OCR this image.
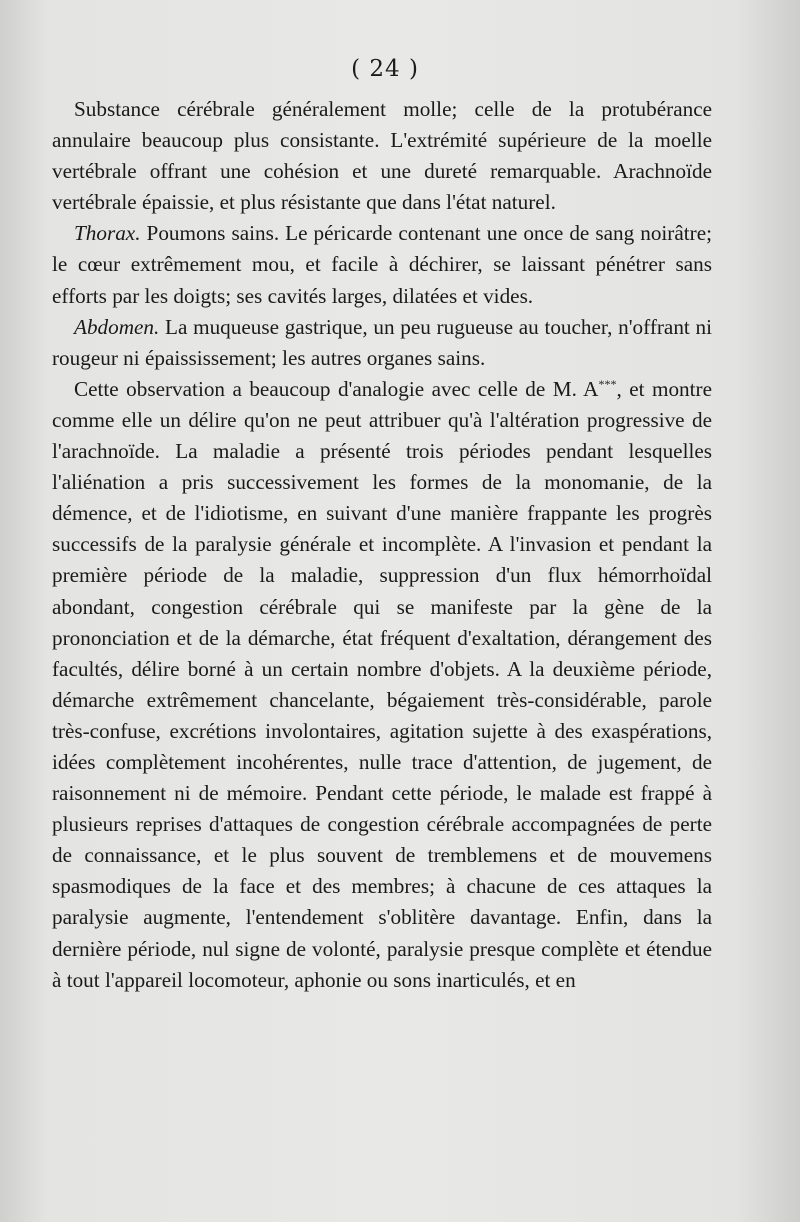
( 24 )

Substance cérébrale généralement molle; celle de la protubérance annulaire beaucoup plus consistante. L'extrémité supérieure de la moelle vertébrale offrant une cohésion et une dureté remarquable. Arachnoïde vertébrale épaissie, et plus résistante que dans l'état naturel.

Thorax. Poumons sains. Le péricarde contenant une once de sang noirâtre; le cœur extrêmement mou, et facile à déchirer, se laissant pénétrer sans efforts par les doigts; ses cavités larges, dilatées et vides.

Abdomen. La muqueuse gastrique, un peu rugueuse au toucher, n'offrant ni rougeur ni épaississement; les autres organes sains.

Cette observation a beaucoup d'analogie avec celle de M. A***, et montre comme elle un délire qu'on ne peut attribuer qu'à l'altération progressive de l'arachnoïde. La maladie a présenté trois périodes pendant lesquelles l'aliénation a pris successivement les formes de la monomanie, de la démence, et de l'idiotisme, en suivant d'une manière frappante les progrès successifs de la paralysie générale et incomplète. A l'invasion et pendant la première période de la maladie, suppression d'un flux hémorrhoïdal abondant, congestion cérébrale qui se manifeste par la gène de la prononciation et de la démarche, état fréquent d'exaltation, dérangement des facultés, délire borné à un certain nombre d'objets. A la deuxième période, démarche extrêmement chancelante, bégaiement très-considérable, parole très-confuse, excrétions involontaires, agitation sujette à des exaspérations, idées complètement incohérentes, nulle trace d'attention, de jugement, de raisonnement ni de mémoire. Pendant cette période, le malade est frappé à plusieurs reprises d'attaques de congestion cérébrale accompagnées de perte de connaissance, et le plus souvent de tremblemens et de mouvemens spasmodiques de la face et des membres; à chacune de ces attaques la paralysie augmente, l'entendement s'oblitère davantage. Enfin, dans la dernière période, nul signe de volonté, paralysie presque complète et étendue à tout l'appareil locomoteur, aphonie ou sons inarticulés, et en
